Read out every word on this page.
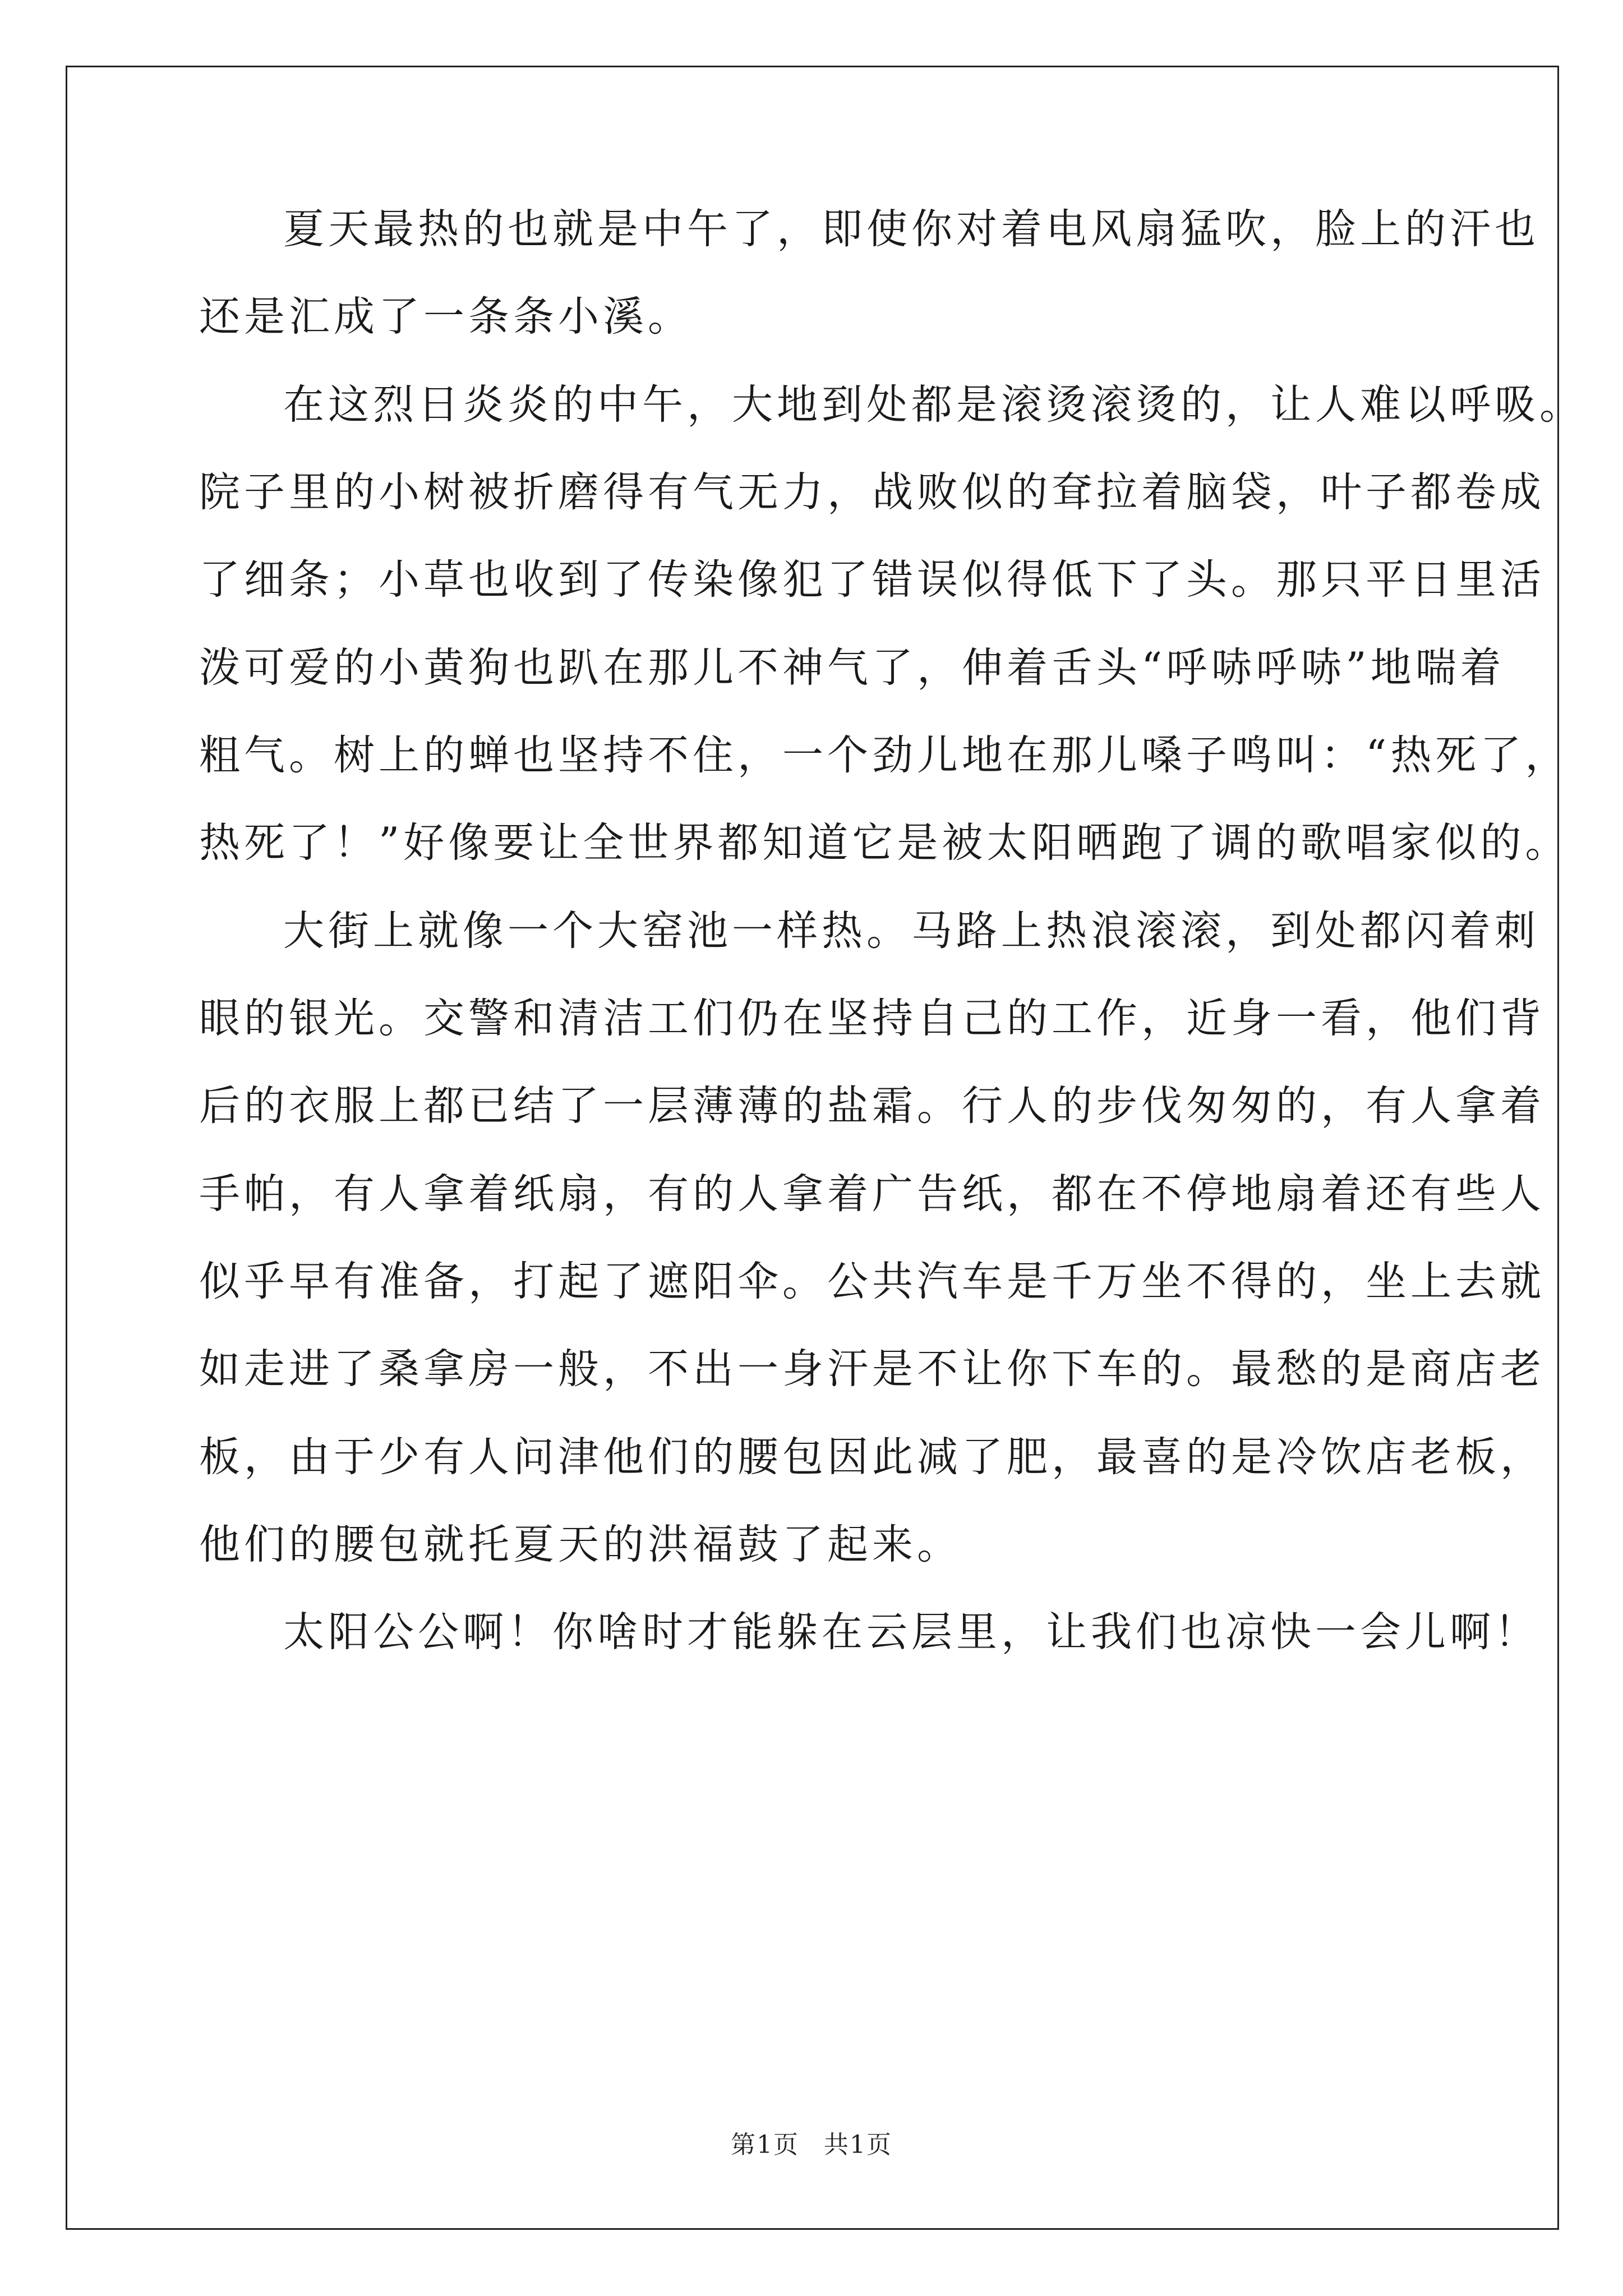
夏天最热的也就是中午了，即使你对着电风扇猛吹，脸上的汗也
还是汇成了一条条小溪。
在这烈日炎炎的中午，大地到处都是滚烫滚烫的，让人难以呼吸。
院子里的小树被折磨得有气无力，战败似的耷拉着脑袋，叶子都卷成
了细条；小草也收到了传染像犯了错误似得低下了头。那只平日里活
泼可爱的小黄狗也趴在那儿不神气了，伸着舌头“呼哧呼哧”地喘着
粗气。树上的蝉也坚持不住，一个劲儿地在那儿嗓子鸣叫：“热死了，
热死了！”好像要让全世界都知道它是被太阳晒跑了调的歌唱家似的。
大街上就像一个大窑池一样热。马路上热浪滚滚，到处都闪着刺
眼的银光。交警和清洁工们仍在坚持自己的工作，近身一看，他们背
后的衣服上都已结了一层薄薄的盐霜。行人的步伐匆匆的，有人拿着
手帕，有人拿着纸扇，有的人拿着广告纸，都在不停地扇着还有些人
似乎早有准备，打起了遮阳伞。公共汽车是千万坐不得的，坐上去就
如走进了桑拿房一般，不出一身汗是不让你下车的。最愁的是商店老
板，由于少有人问津他们的腰包因此减了肥，最喜的是冷饮店老板，
他们的腰包就托夏天的洪福鼓了起来。
太阳公公啊！你啥时才能躲在云层里，让我们也凉快一会儿啊！
第1页 共1页
